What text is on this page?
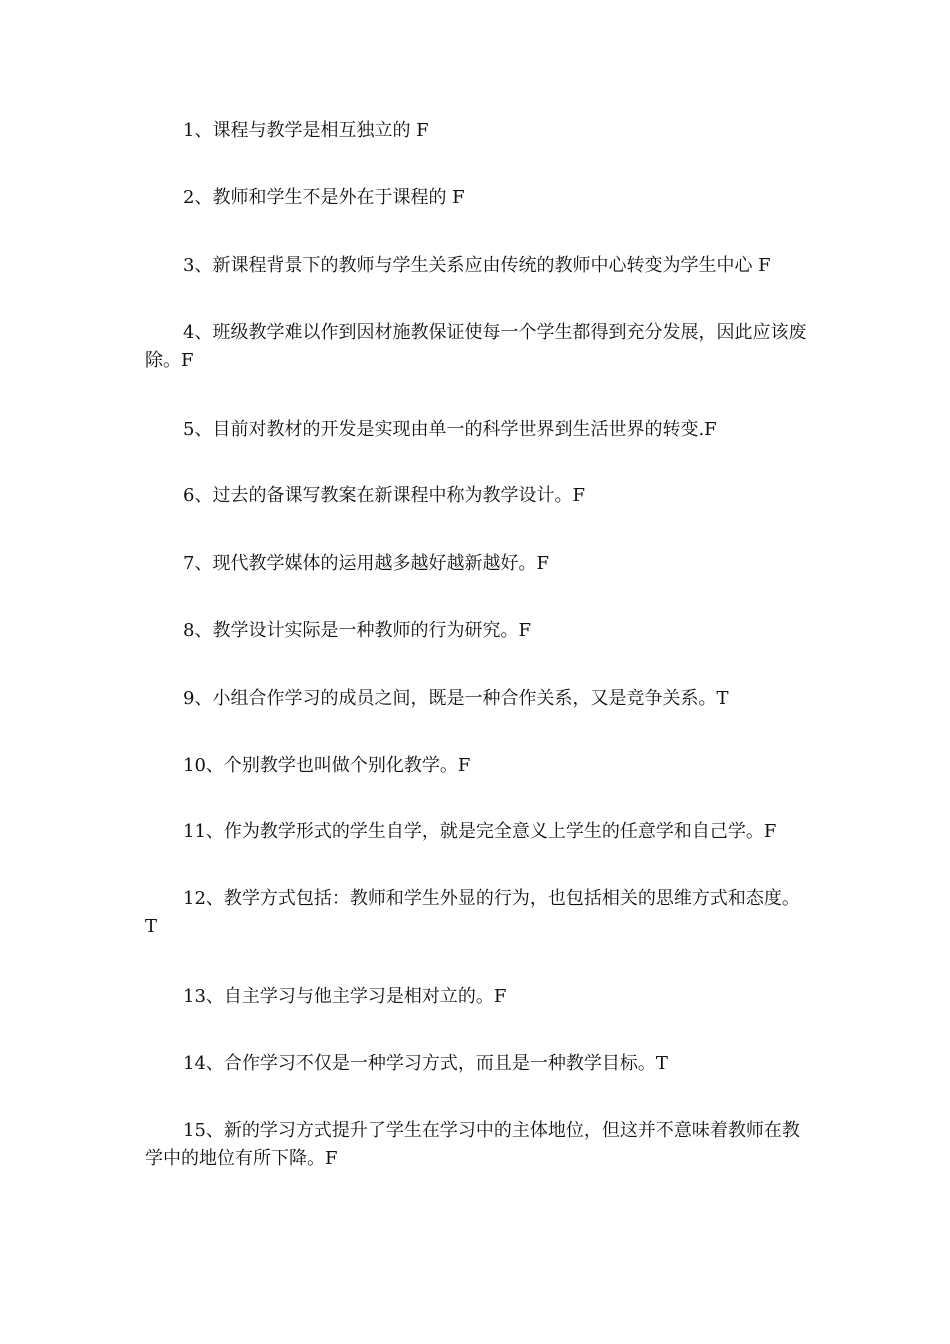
1、课程与教学是相互独立的 F

2、教师和学生不是外在于课程的 F

3、新课程背景下的教师与学生关系应由传统的教师中心转变为学生中心 F

4、班级教学难以作到因材施教保证使每一个学生都得到充分发展，因此应该废除。F

5、目前对教材的开发是实现由单一的科学世界到生活世界的转变.F

6、过去的备课写教案在新课程中称为教学设计。F

7、现代教学媒体的运用越多越好越新越好。F

8、教学设计实际是一种教师的行为研究。F

9、小组合作学习的成员之间，既是一种合作关系，又是竞争关系。T

10、个别教学也叫做个别化教学。F

11、作为教学形式的学生自学，就是完全意义上学生的任意学和自己学。F

12、教学方式包括：教师和学生外显的行为，也包括相关的思维方式和态度。T

13、自主学习与他主学习是相对立的。F

14、合作学习不仅是一种学习方式，而且是一种教学目标。T

15、新的学习方式提升了学生在学习中的主体地位，但这并不意味着教师在教学中的地位有所下降。F
